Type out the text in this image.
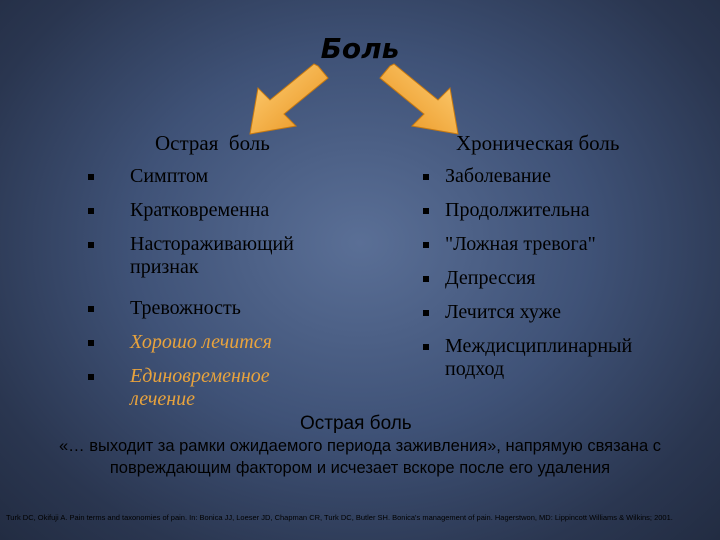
Боль
Острая  боль
Симптом
Кратковременна
Настораживающий признак
Тревожность
Хорошо лечится
Единовременное лечение
Хроническая боль
Заболевание
Продолжительна
"Ложная тревога"
Депрессия
Лечится хуже
Междисциплинарный подход
Острая боль
«… выходит за рамки ожидаемого периода заживления», напрямую связана с повреждающим фактором и исчезает вскоре после его удаления
Turk DC, Okifuji A. Pain terms and taxonomies of pain. In: Bonica JJ, Loeser JD, Chapman CR, Turk DC, Butler SH. Bonica's management of pain. Hagerstwon, MD: Lippincott Williams & Wilkins; 2001.
